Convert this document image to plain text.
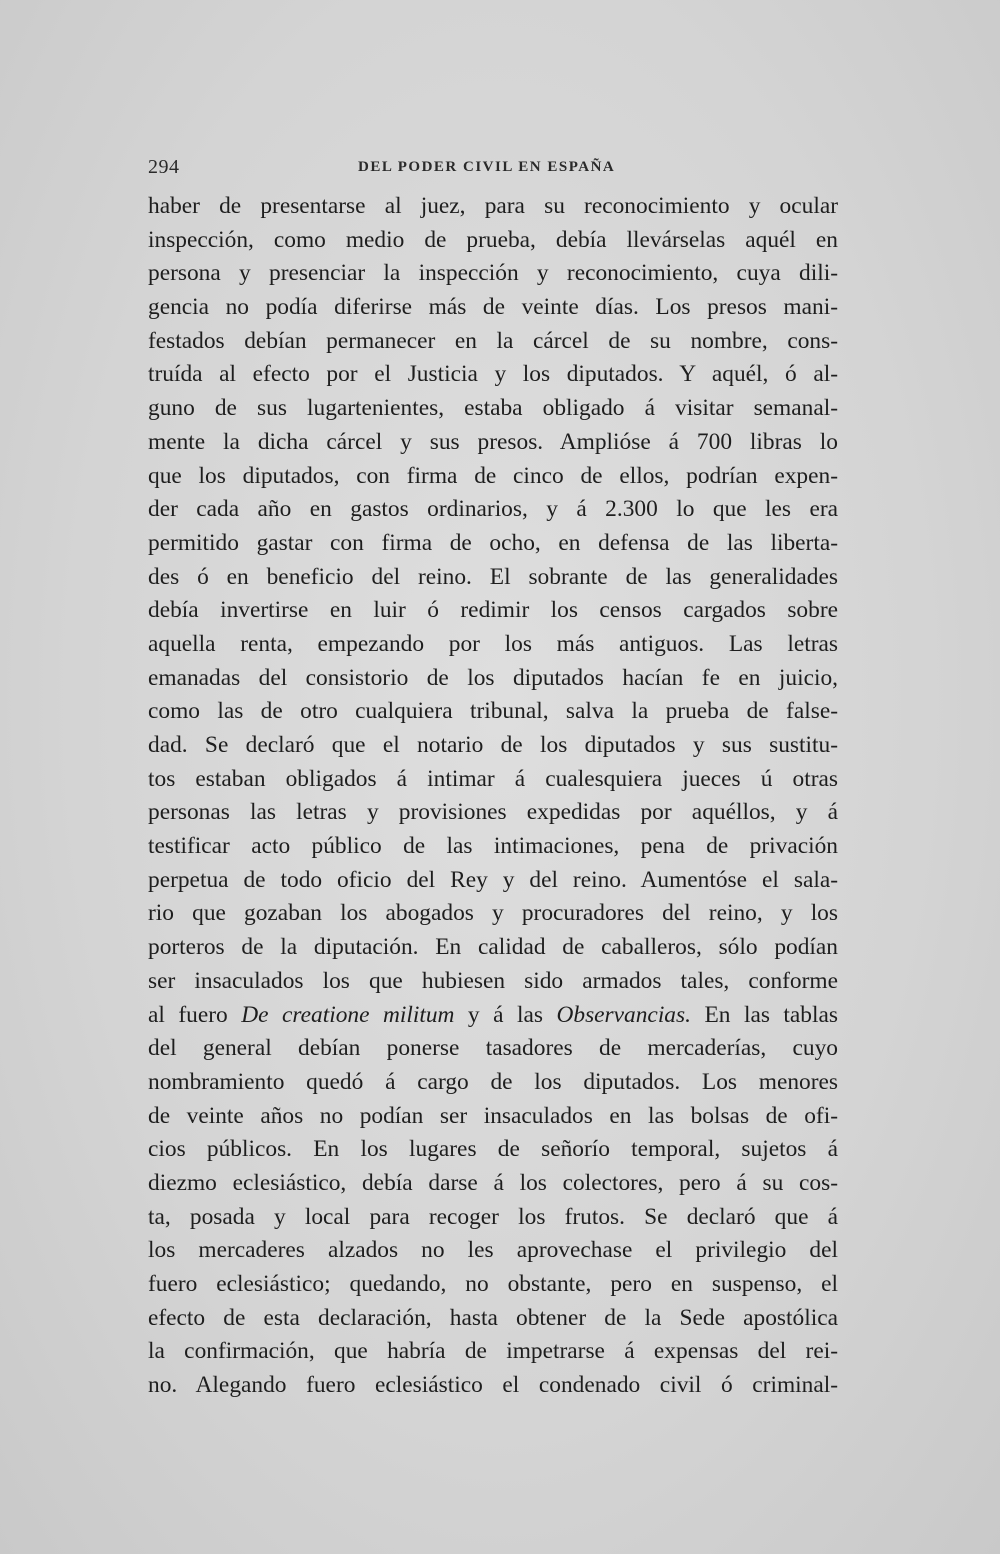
294	DEL PODER CIVIL EN ESPAÑA
haber de presentarse al juez, para su reconocimiento y ocular
inspección, como medio de prueba, debía llevárselas aquél en
persona y presenciar la inspección y reconocimiento, cuya dili-
gencia no podía diferirse más de veinte días. Los presos mani-
festados debían permanecer en la cárcel de su nombre, cons-
truída al efecto por el Justicia y los diputados. Y aquél, ó al-
guno de sus lugartenientes, estaba obligado á visitar semanal-
mente la dicha cárcel y sus presos. Amplióse á 700 libras lo
que los diputados, con firma de cinco de ellos, podrían expen-
der cada año en gastos ordinarios, y á 2.300 lo que les era
permitido gastar con firma de ocho, en defensa de las liberta-
des ó en beneficio del reino. El sobrante de las generalidades
debía invertirse en luir ó redimir los censos cargados sobre
aquella renta, empezando por los más antiguos. Las letras
emanadas del consistorio de los diputados hacían fe en juicio,
como las de otro cualquiera tribunal, salva la prueba de false-
dad. Se declaró que el notario de los diputados y sus sustitu-
tos estaban obligados á intimar á cualesquiera jueces ú otras
personas las letras y provisiones expedidas por aquéllos, y á
testificar acto público de las intimaciones, pena de privación
perpetua de todo oficio del Rey y del reino. Aumentóse el sala-
rio que gozaban los abogados y procuradores del reino, y los
porteros de la diputación. En calidad de caballeros, sólo podían
ser insaculados los que hubiesen sido armados tales, conforme
al fuero De creatione militum y á las Observancias. En las tablas
del general debían ponerse tasadores de mercaderías, cuyo
nombramiento quedó á cargo de los diputados. Los menores
de veinte años no podían ser insaculados en las bolsas de ofi-
cios públicos. En los lugares de señorío temporal, sujetos á
diezmo eclesiástico, debía darse á los colectores, pero á su cos-
ta, posada y local para recoger los frutos. Se declaró que á
los mercaderes alzados no les aprovechase el privilegio del
fuero eclesiástico; quedando, no obstante, pero en suspenso, el
efecto de esta declaración, hasta obtener de la Sede apostólica
la confirmación, que habría de impetrarse á expensas del rei-
no. Alegando fuero eclesiástico el condenado civil ó criminal-
